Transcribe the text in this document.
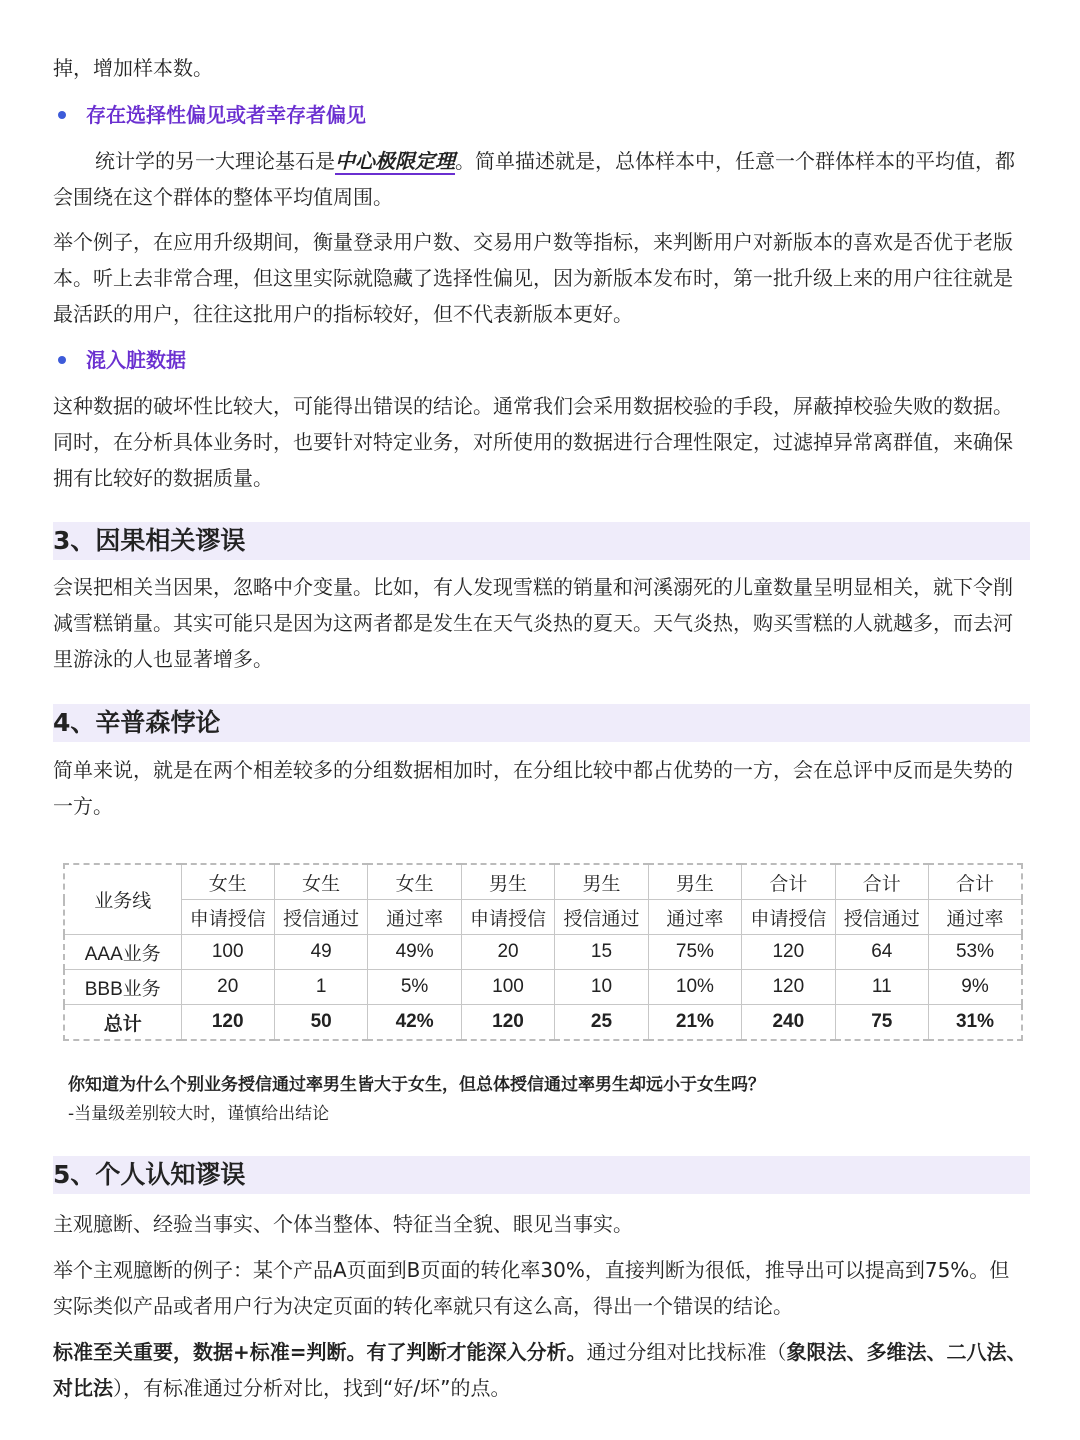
掉，增加样本数。

存在选择性偏见或者幸存者偏见

统计学的另一大理论基石是中心极限定理。简单描述就是，总体样本中，任意一个群体样本的平均值，都会围绕在这个群体的整体平均值周围。

举个例子，在应用升级期间，衡量登录用户数、交易用户数等指标，来判断用户对新版本的喜欢是否优于老版本。听上去非常合理，但这里实际就隐藏了选择性偏见，因为新版本发布时，第一批升级上来的用户往往就是最活跃的用户，往往这批用户的指标较好，但不代表新版本更好。

混入脏数据

这种数据的破坏性比较大，可能得出错误的结论。通常我们会采用数据校验的手段，屏蔽掉校验失败的数据。同时，在分析具体业务时，也要针对特定业务，对所使用的数据进行合理性限定，过滤掉异常离群值，来确保拥有比较好的数据质量。

3、因果相关谬误

会误把相关当因果，忽略中介变量。比如，有人发现雪糕的销量和河溪溺死的儿童数量呈明显相关，就下令削减雪糕销量。其实可能只是因为这两者都是发生在天气炎热的夏天。天气炎热，购买雪糕的人就越多，而去河里游泳的人也显著增多。

4、辛普森悖论

简单来说，就是在两个相差较多的分组数据相加时，在分组比较中都占优势的一方，会在总评中反而是失势的一方。

业务线	女生	女生	女生	男生	男生	男生	合计	合计	合计
	申请授信	授信通过	通过率	申请授信	授信通过	通过率	申请授信	授信通过	通过率
AAA业务	100	49	49%	20	15	75%	120	64	53%
BBB业务	20	1	5%	100	10	10%	120	11	9%
总计	120	50	42%	120	25	21%	240	75	31%
你知道为什么个别业务授信通过率男生皆大于女生，但总体授信通过率男生却远小于女生吗？
-当量级差别较大时，谨慎给出结论
5、个人认知谬误

主观臆断、经验当事实、个体当整体、特征当全貌、眼见当事实。

举个主观臆断的例子：某个产品A页面到B页面的转化率30%，直接判断为很低，推导出可以提高到75%。但实际类似产品或者用户行为决定页面的转化率就只有这么高，得出一个错误的结论。

标准至关重要，数据+标准=判断。有了判断才能深入分析。通过分组对比找标准（象限法、多维法、二八法、对比法），有标准通过分析对比，找到“好/坏”的点。
